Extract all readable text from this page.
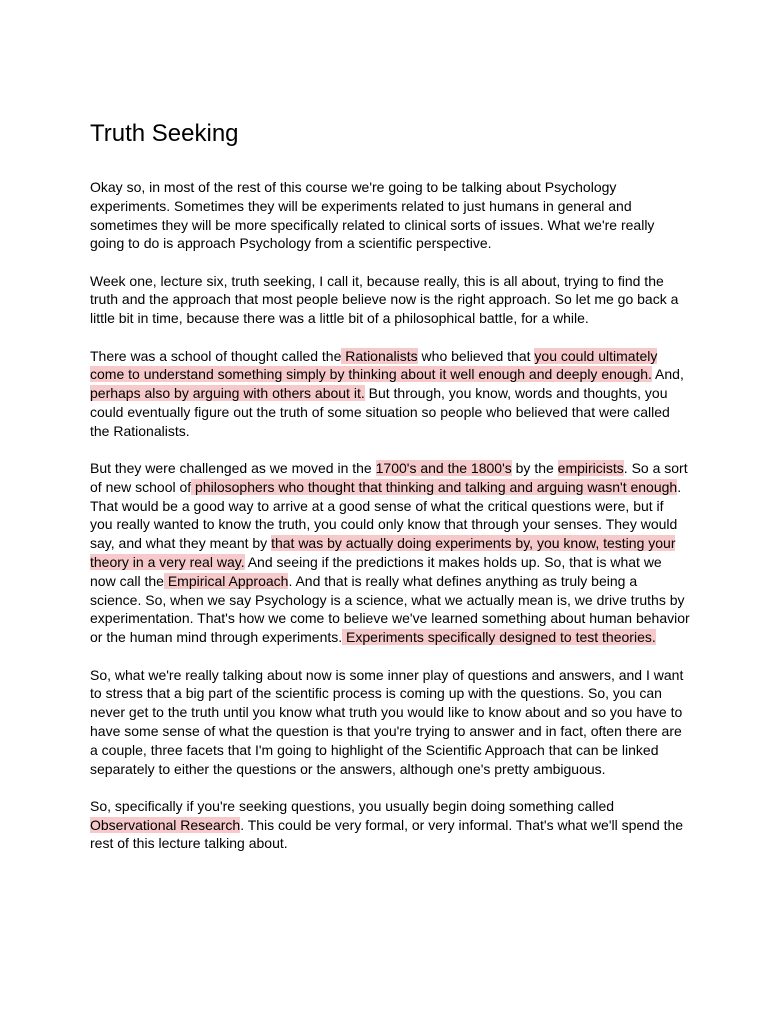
Truth Seeking

Okay so, in most of the rest of this course we're going to be talking about Psychology experiments. Sometimes they will be experiments related to just humans in general and sometimes they will be more specifically related to clinical sorts of issues. What we're really going to do is approach Psychology from a scientific perspective.

Week one, lecture six, truth seeking, I call it, because really, this is all about, trying to find the truth and the approach that most people believe now is the right approach. So let me go back a little bit in time, because there was a little bit of a philosophical battle, for a while.

There was a school of thought called the Rationalists who believed that you could ultimately come to understand something simply by thinking about it well enough and deeply enough. And, perhaps also by arguing with others about it. But through, you know, words and thoughts, you could eventually figure out the truth of some situation so people who believed that were called the Rationalists.

But they were challenged as we moved in the 1700's and the 1800's by the empiricists. So a sort of new school of philosophers who thought that thinking and talking and arguing wasn't enough. That would be a good way to arrive at a good sense of what the critical questions were, but if you really wanted to know the truth, you could only know that through your senses. They would say, and what they meant by that was by actually doing experiments by, you know, testing your theory in a very real way. And seeing if the predictions it makes holds up. So, that is what we now call the Empirical Approach. And that is really what defines anything as truly being a science. So, when we say Psychology is a science, what we actually mean is, we drive truths by experimentation. That's how we come to believe we've learned something about human behavior or the human mind through experiments. Experiments specifically designed to test theories.

So, what we're really talking about now is some inner play of questions and answers, and I want to stress that a big part of the scientific process is coming up with the questions. So, you can never get to the truth until you know what truth you would like to know about and so you have to have some sense of what the question is that you're trying to answer and in fact, often there are a couple, three facets that I'm going to highlight of the Scientific Approach that can be linked separately to either the questions or the answers, although one's pretty ambiguous.

So, specifically if you're seeking questions, you usually begin doing something called Observational Research. This could be very formal, or very informal. That's what we'll spend the rest of this lecture talking about.
